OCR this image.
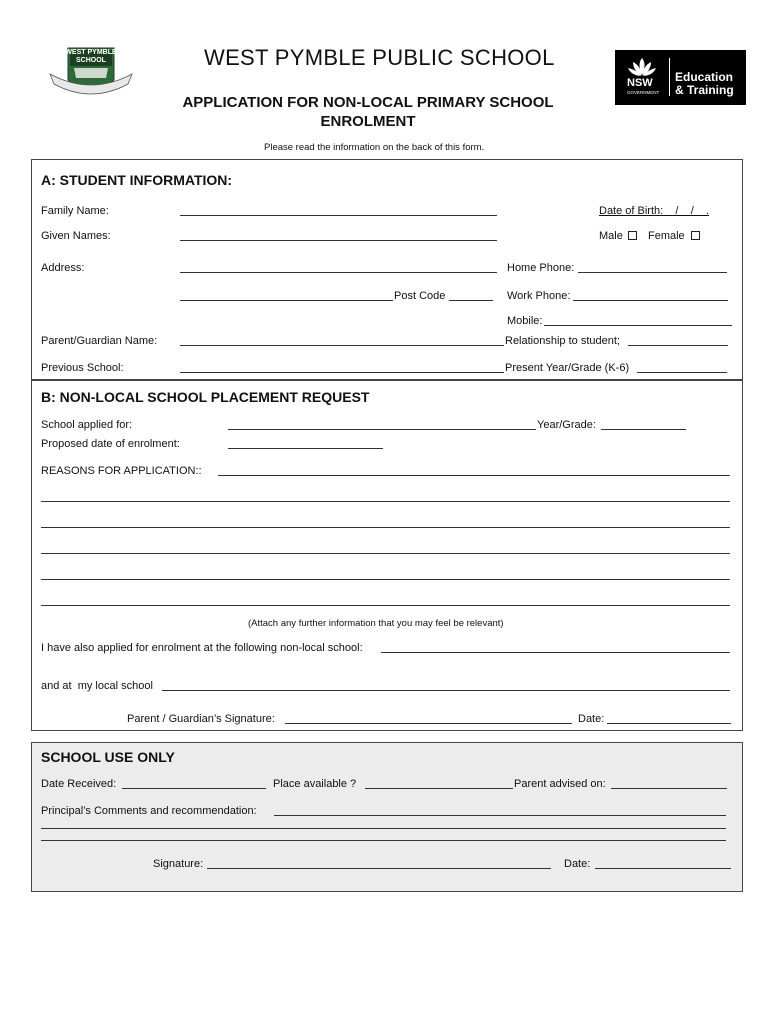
WEST PYMBLE
SCHOOL	WEST PYMBLE PUBLIC SCHOOL
APPLICATION FOR NON-LOCAL PRIMARY SCHOOL
ENROLMENT
Please read the information on the back of this form.
NSW
GOVERNMENT
Education
& Training
A: STUDENT INFORMATION:
Family Name:	Date of Birth:    /    /    .
Given Names:	Male Female
Address:	Home Phone:
Post Code	Work Phone:
Mobile:
Parent/Guardian Name:	Relationship to student;
Previous School:	Present Year/Grade (K-6)
B: NON-LOCAL SCHOOL PLACEMENT REQUEST
School applied for:	Year/Grade:
Proposed date of enrolment:
REASONS FOR APPLICATION::
(Attach any further information that you may feel be relevant)
I have also applied for enrolment at the following non-local school:
and at  my local school
Parent / Guardian’s Signature:	Date:
SCHOOL USE ONLY
Date Received:	Place available ?	Parent advised on:
Principal’s Comments and recommendation:
Signature:	Date:
